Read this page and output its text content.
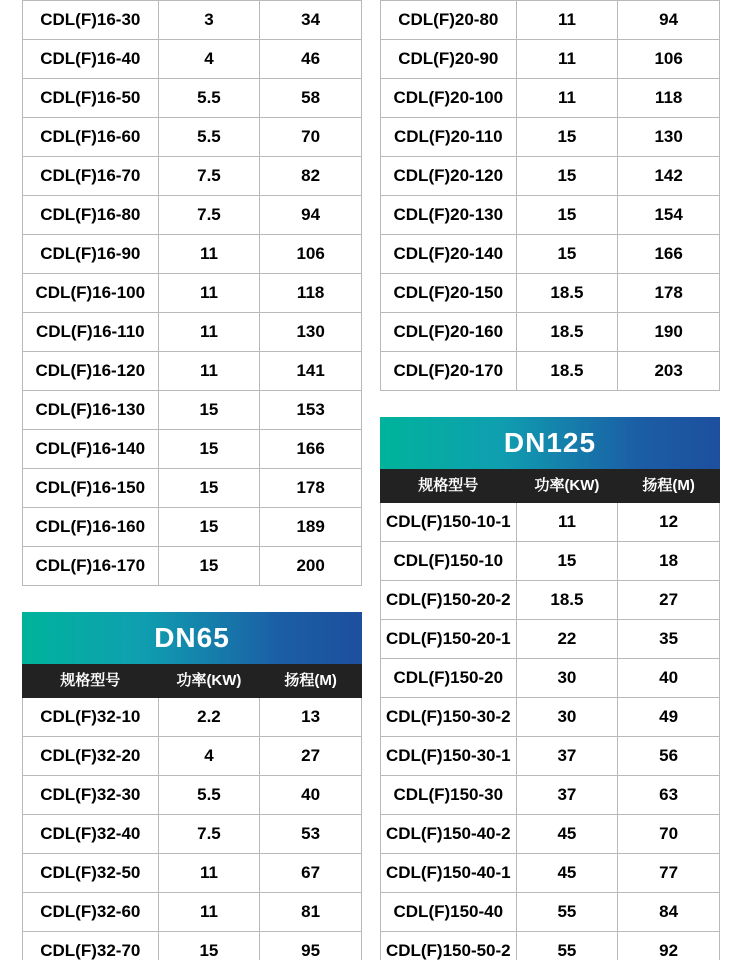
CDL(F)16-30	3	34
CDL(F)16-40	4	46
CDL(F)16-50	5.5	58
CDL(F)16-60	5.5	70
CDL(F)16-70	7.5	82
CDL(F)16-80	7.5	94
CDL(F)16-90	11	106
CDL(F)16-100	11	118
CDL(F)16-110	11	130
CDL(F)16-120	11	141
CDL(F)16-130	15	153
CDL(F)16-140	15	166
CDL(F)16-150	15	178
CDL(F)16-160	15	189
CDL(F)16-170	15	200
DN65
规格型号	功率(KW)	扬程(M)
CDL(F)32-10	2.2	13
CDL(F)32-20	4	27
CDL(F)32-30	5.5	40
CDL(F)32-40	7.5	53
CDL(F)32-50	11	67
CDL(F)32-60	11	81
CDL(F)32-70	15	95
CDL(F)20-80	11	94
CDL(F)20-90	11	106
CDL(F)20-100	11	118
CDL(F)20-110	15	130
CDL(F)20-120	15	142
CDL(F)20-130	15	154
CDL(F)20-140	15	166
CDL(F)20-150	18.5	178
CDL(F)20-160	18.5	190
CDL(F)20-170	18.5	203
DN125
规格型号	功率(KW)	扬程(M)
CDL(F)150-10-1	11	12
CDL(F)150-10	15	18
CDL(F)150-20-2	18.5	27
CDL(F)150-20-1	22	35
CDL(F)150-20	30	40
CDL(F)150-30-2	30	49
CDL(F)150-30-1	37	56
CDL(F)150-30	37	63
CDL(F)150-40-2	45	70
CDL(F)150-40-1	45	77
CDL(F)150-40	55	84
CDL(F)150-50-2	55	92
